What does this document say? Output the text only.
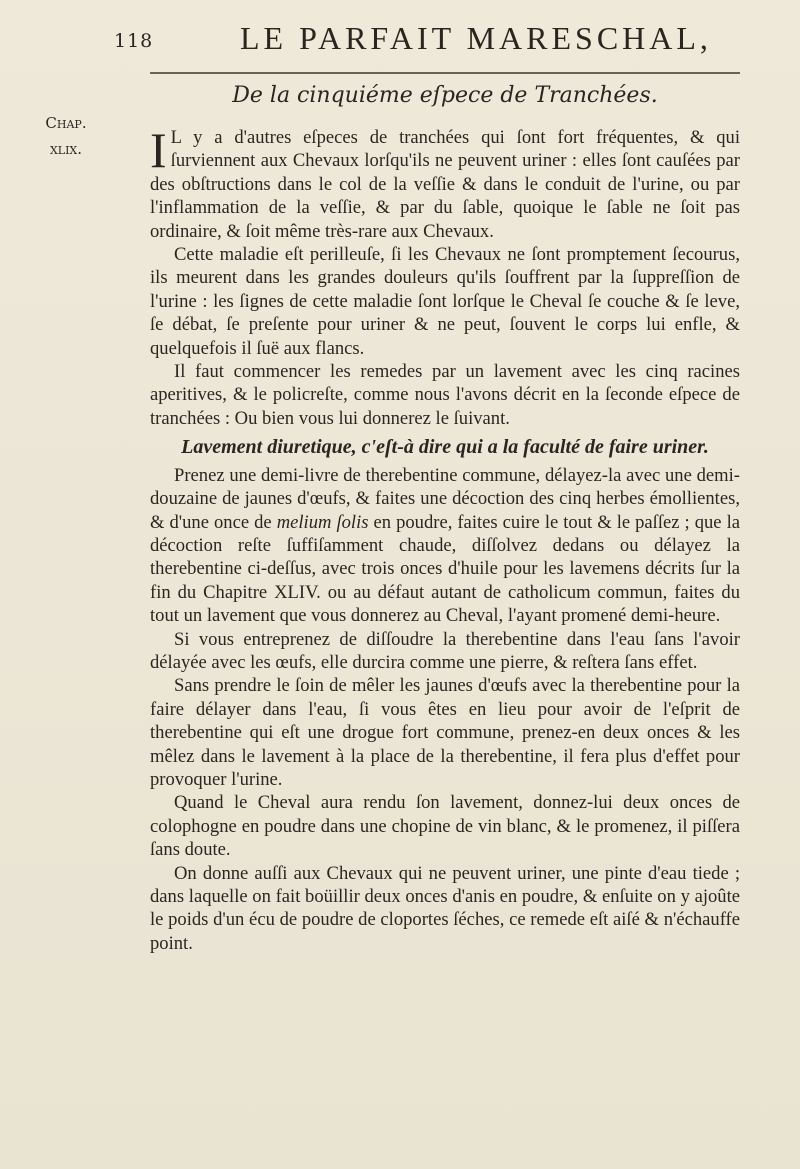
118	LE PARFAIT MARESCHAL,
Chap.
xlix.
De la cinquiéme eſpece de Tranchées.

I L y a d'autres eſpeces de tranchées qui ſont fort fréquentes, & qui ſurviennent aux Chevaux lorſqu'ils ne peuvent uriner : elles ſont cauſées par des obſtructions dans le col de la veſſie & dans le conduit de l'urine, ou par l'inflammation de la veſſie, & par du ſable, quoique le ſable ne ſoit pas ordinaire, & ſoit même très-rare aux Chevaux.

Cette maladie eſt perilleuſe, ſi les Chevaux ne ſont promptement ſecourus, ils meurent dans les grandes douleurs qu'ils ſouffrent par la ſuppreſſion de l'urine : les ſignes de cette maladie ſont lorſque le Cheval ſe couche & ſe leve, ſe débat, ſe preſente pour uriner & ne peut, ſouvent le corps lui enfle, & quelquefois il ſuë aux flancs.

Il faut commencer les remedes par un lavement avec les cinq racines aperitives, & le policreſte, comme nous l'avons décrit en la ſeconde eſpece de tranchées : Ou bien vous lui donnerez le ſuivant.

Lavement diuretique, c'eſt-à dire qui a la faculté de faire uriner.

Prenez une demi-livre de therebentine commune, délayez-la avec une demi-douzaine de jaunes d'œufs, & faites une décoction des cinq herbes émollientes, & d'une once de melium ſolis en poudre, faites cuire le tout & le paſſez ; que la décoction reſte ſuffiſamment chaude, diſſolvez dedans ou délayez la therebentine ci-deſſus, avec trois onces d'huile pour les lavemens décrits ſur la fin du Chapitre XLIV. ou au défaut autant de catholicum commun, faites du tout un lavement que vous donnerez au Cheval, l'ayant promené demi-heure.

Si vous entreprenez de diſſoudre la therebentine dans l'eau ſans l'avoir délayée avec les œufs, elle durcira comme une pierre, & reſtera ſans effet.

Sans prendre le ſoin de mêler les jaunes d'œufs avec la therebentine pour la faire délayer dans l'eau, ſi vous êtes en lieu pour avoir de l'eſprit de therebentine qui eſt une drogue fort commune, prenez-en deux onces & les mêlez dans le lavement à la place de la therebentine, il fera plus d'effet pour provoquer l'urine.

Quand le Cheval aura rendu ſon lavement, donnez-lui deux onces de colophogne en poudre dans une chopine de vin blanc, & le promenez, il piſſera ſans doute.

On donne auſſi aux Chevaux qui ne peuvent uriner, une pinte d'eau tiede ; dans laquelle on fait boüillir deux onces d'anis en poudre, & enſuite on y ajoûte le poids d'un écu de poudre de cloportes ſéches, ce remede eſt aiſé & n'échauffe point.
